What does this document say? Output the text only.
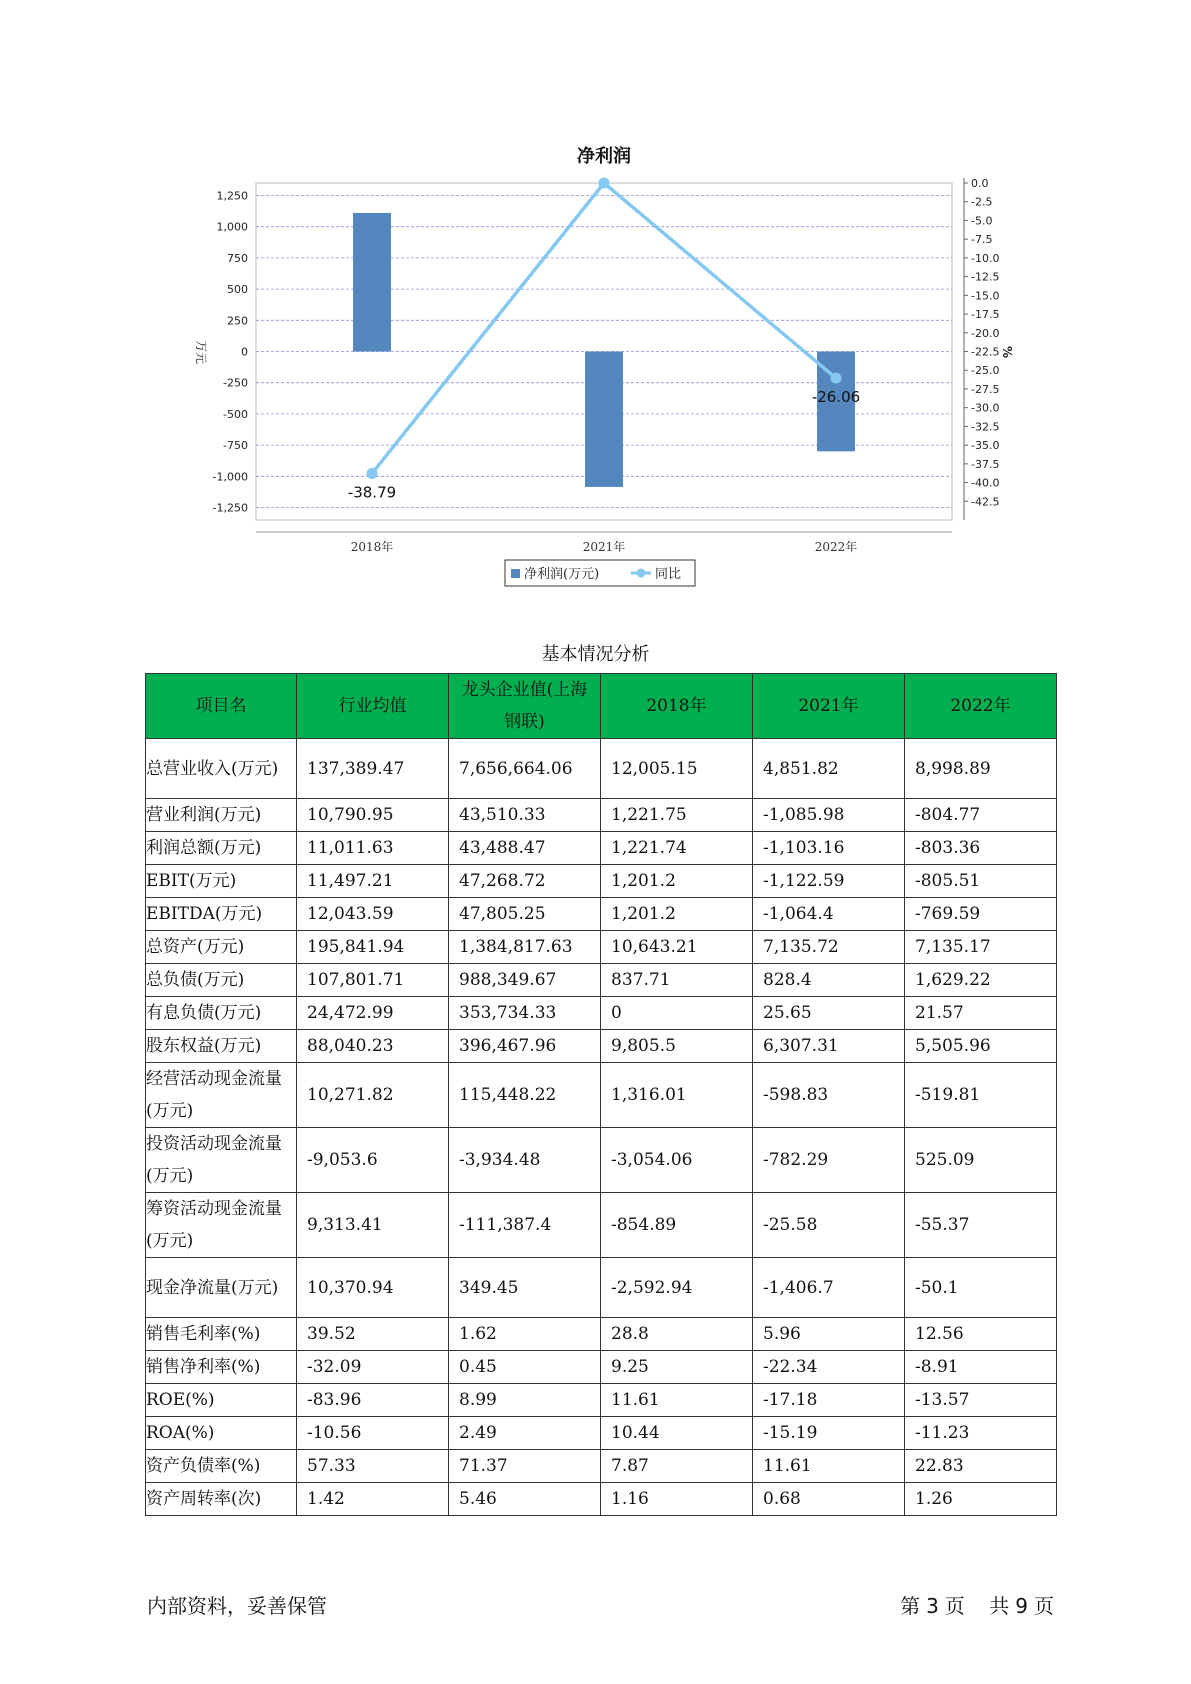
净利润
1,250
1,000
750
500
250
0
-250
-500
-750
-1,000
-1,250
万元
0.0
-2.5
-5.0
-7.5
-10.0
-12.5
-15.0
-17.5
-20.0
-22.5
-25.0
-27.5
-30.0
-32.5
-35.0
-37.5
-40.0
-42.5
%
2018年	2021年	2022年
-38.79
-26.06
净利润(万元)	同比
基本情况分析
项目名	行业均值	龙头企业值(上海钢联)	2018年	2021年	2022年
总营业收入(万元)	137,389.47	7,656,664.06	12,005.15	4,851.82	8,998.89
营业利润(万元)	10,790.95	43,510.33	1,221.75	-1,085.98	-804.77
利润总额(万元)	11,011.63	43,488.47	1,221.74	-1,103.16	-803.36
EBIT(万元)	11,497.21	47,268.72	1,201.2	-1,122.59	-805.51
EBITDA(万元)	12,043.59	47,805.25	1,201.2	-1,064.4	-769.59
总资产(万元)	195,841.94	1,384,817.63	10,643.21	7,135.72	7,135.17
总负债(万元)	107,801.71	988,349.67	837.71	828.4	1,629.22
有息负债(万元)	24,472.99	353,734.33	0	25.65	21.57
股东权益(万元)	88,040.23	396,467.96	9,805.5	6,307.31	5,505.96
经营活动现金流量(万元)	10,271.82	115,448.22	1,316.01	-598.83	-519.81
投资活动现金流量(万元)	-9,053.6	-3,934.48	-3,054.06	-782.29	525.09
筹资活动现金流量(万元)	9,313.41	-111,387.4	-854.89	-25.58	-55.37
现金净流量(万元)	10,370.94	349.45	-2,592.94	-1,406.7	-50.1
销售毛利率(%)	39.52	1.62	28.8	5.96	12.56
销售净利率(%)	-32.09	0.45	9.25	-22.34	-8.91
ROE(%)	-83.96	8.99	11.61	-17.18	-13.57
ROA(%)	-10.56	2.49	10.44	-15.19	-11.23
资产负债率(%)	57.33	71.37	7.87	11.61	22.83
资产周转率(次)	1.42	5.46	1.16	0.68	1.26
内部资料，妥善保管	第 3 页 共 9 页
